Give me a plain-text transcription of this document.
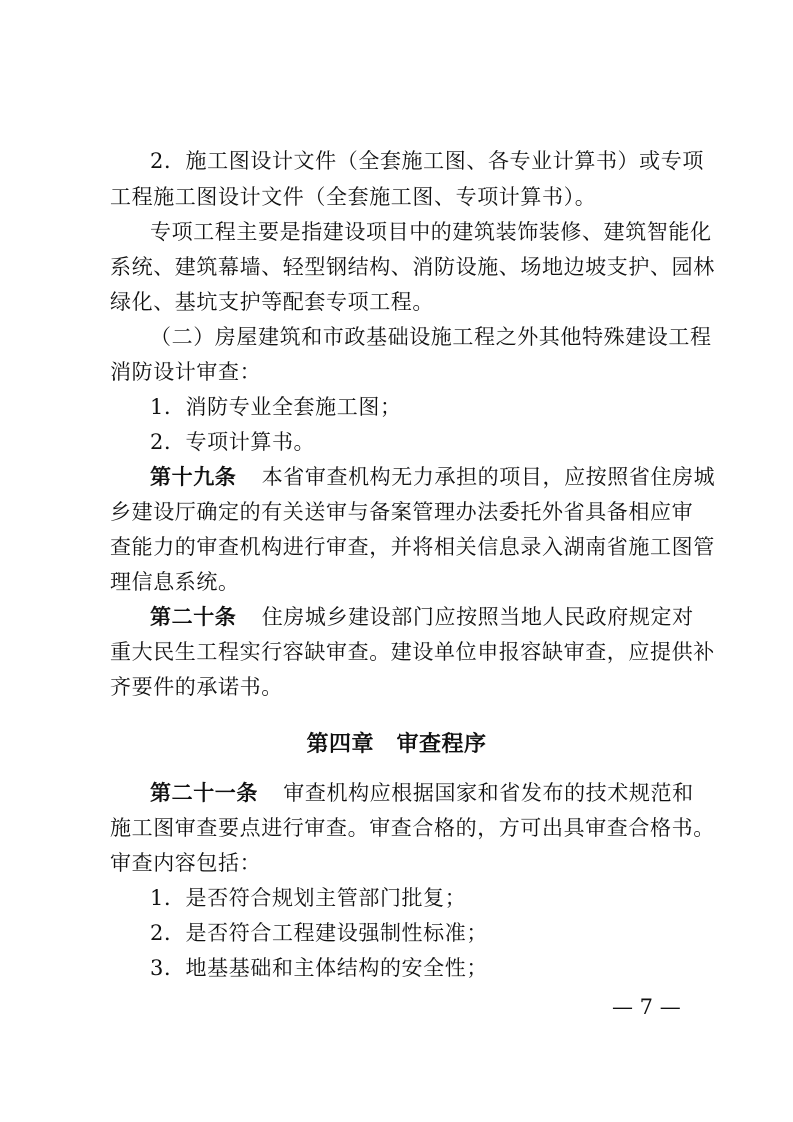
2．施工图设计文件（全套施工图、各专业计算书）或专项
工程施工图设计文件（全套施工图、专项计算书）。
专项工程主要是指建设项目中的建筑装饰装修、建筑智能化
系统、建筑幕墙、轻型钢结构、消防设施、场地边坡支护、园林
绿化、基坑支护等配套专项工程。
（二）房屋建筑和市政基础设施工程之外其他特殊建设工程
消防设计审查：
1．消防专业全套施工图；
2．专项计算书。
第十九条 本省审查机构无力承担的项目，应按照省住房城
乡建设厅确定的有关送审与备案管理办法委托外省具备相应审
查能力的审查机构进行审查，并将相关信息录入湖南省施工图管
理信息系统。
第二十条 住房城乡建设部门应按照当地人民政府规定对
重大民生工程实行容缺审查。建设单位申报容缺审查，应提供补
齐要件的承诺书。
第四章　审查程序
第二十一条 审查机构应根据国家和省发布的技术规范和
施工图审查要点进行审查。审查合格的，方可出具审查合格书。
审查内容包括：
1．是否符合规划主管部门批复；
2．是否符合工程建设强制性标准；
3．地基基础和主体结构的安全性；
— 7 —
